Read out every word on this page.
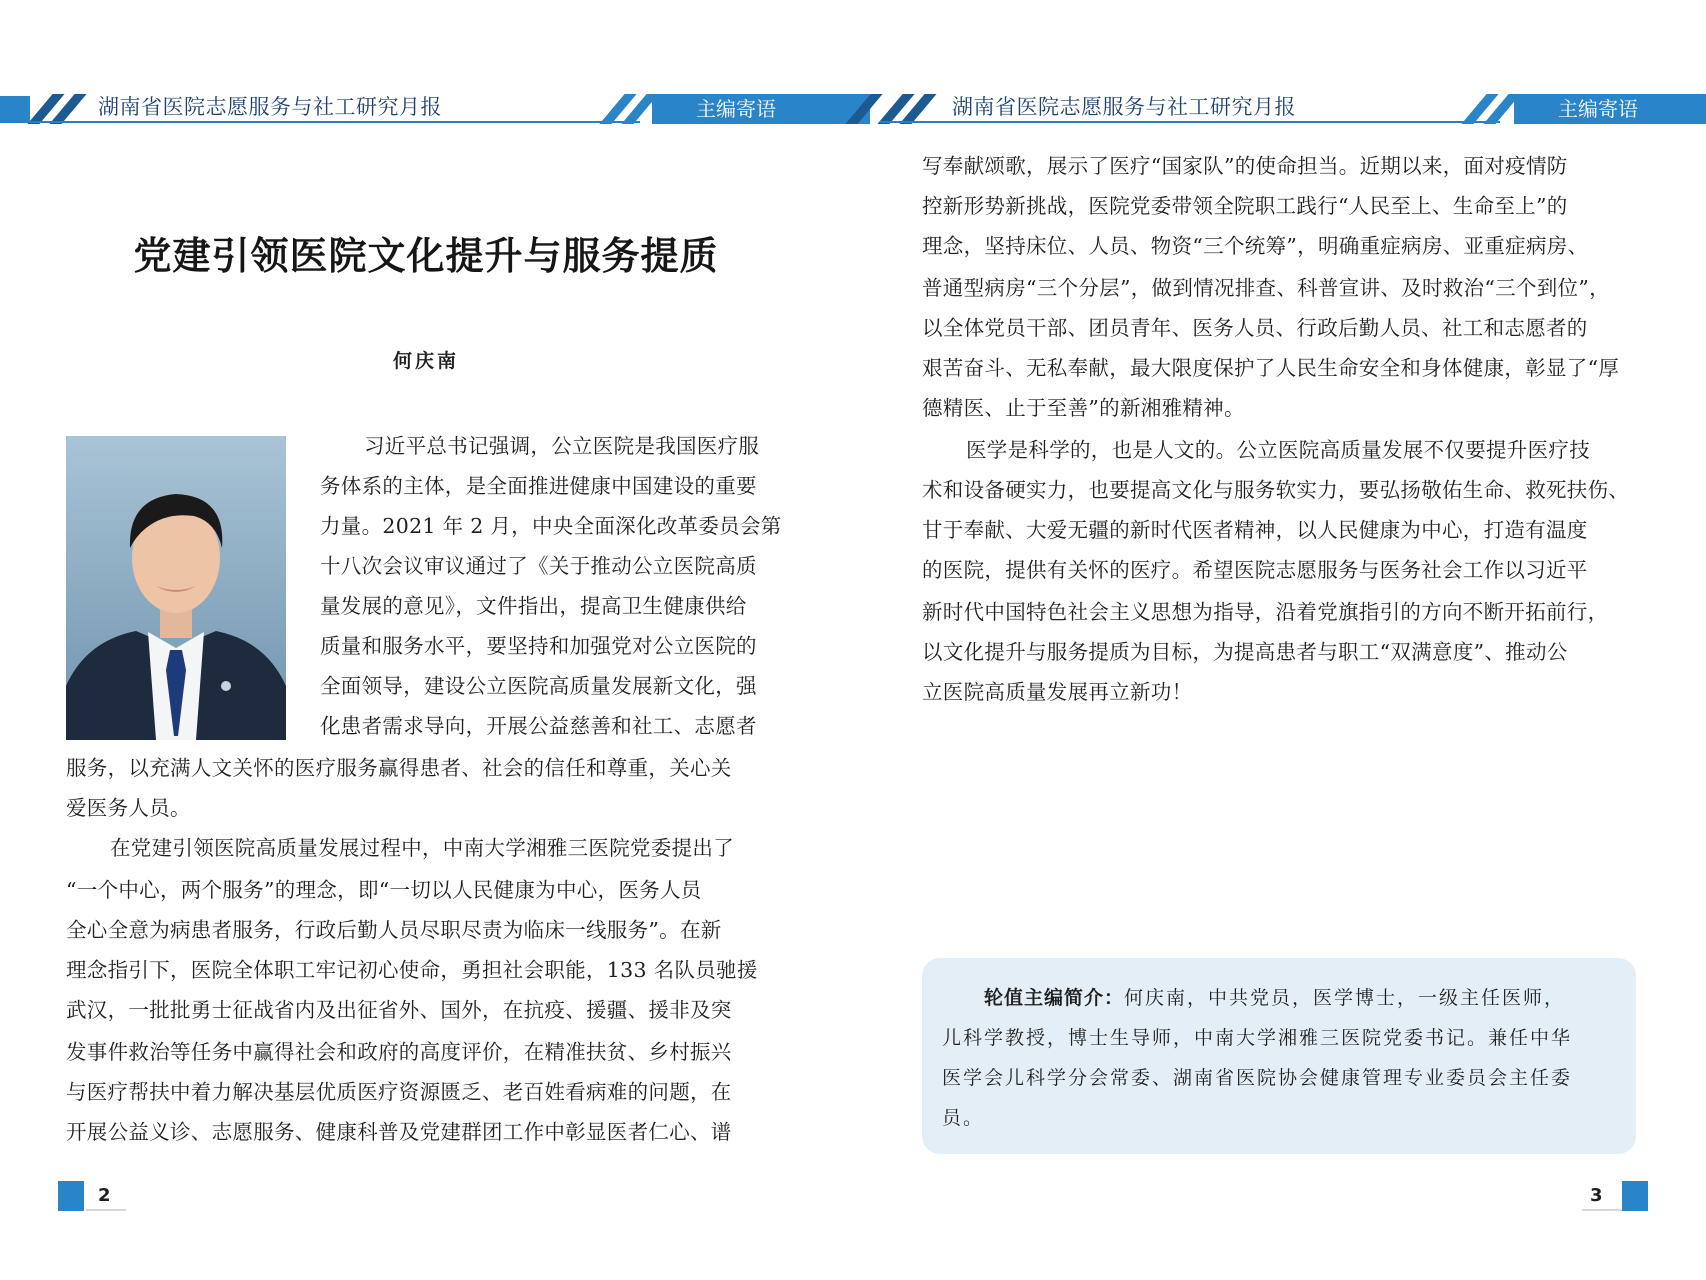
湖南省医院志愿服务与社工研究月报	主编寄语	湖南省医院志愿服务与社工研究月报	主编寄语
党建引领医院文化提升与服务提质
何庆南
习近平总书记强调，公立医院是我国医疗服
务体系的主体，是全面推进健康中国建设的重要
力量。2021 年 2 月，中央全面深化改革委员会第
十八次会议审议通过了《关于推动公立医院高质
量发展的意见》，文件指出，提高卫生健康供给
质量和服务水平，要坚持和加强党对公立医院的
全面领导，建设公立医院高质量发展新文化，强
化患者需求导向，开展公益慈善和社工、志愿者
服务，以充满人文关怀的医疗服务赢得患者、社会的信任和尊重，关心关
爱医务人员。
在党建引领医院高质量发展过程中，中南大学湘雅三医院党委提出了
“一个中心，两个服务”的理念，即“一切以人民健康为中心，医务人员
全心全意为病患者服务，行政后勤人员尽职尽责为临床一线服务”。在新
理念指引下，医院全体职工牢记初心使命，勇担社会职能，133 名队员驰援
武汉，一批批勇士征战省内及出征省外、国外，在抗疫、援疆、援非及突
发事件救治等任务中赢得社会和政府的高度评价，在精准扶贫、乡村振兴
与医疗帮扶中着力解决基层优质医疗资源匮乏、老百姓看病难的问题，在
开展公益义诊、志愿服务、健康科普及党建群团工作中彰显医者仁心、谱
写奉献颂歌，展示了医疗“国家队”的使命担当。近期以来，面对疫情防
控新形势新挑战，医院党委带领全院职工践行“人民至上、生命至上”的
理念，坚持床位、人员、物资“三个统筹”，明确重症病房、亚重症病房、
普通型病房“三个分层”，做到情况排查、科普宣讲、及时救治“三个到位”，
以全体党员干部、团员青年、医务人员、行政后勤人员、社工和志愿者的
艰苦奋斗、无私奉献，最大限度保护了人民生命安全和身体健康，彰显了“厚
德精医、止于至善”的新湘雅精神。
医学是科学的，也是人文的。公立医院高质量发展不仅要提升医疗技
术和设备硬实力，也要提高文化与服务软实力，要弘扬敬佑生命、救死扶伤、
甘于奉献、大爱无疆的新时代医者精神，以人民健康为中心，打造有温度
的医院，提供有关怀的医疗。希望医院志愿服务与医务社会工作以习近平
新时代中国特色社会主义思想为指导，沿着党旗指引的方向不断开拓前行，
以文化提升与服务提质为目标，为提高患者与职工“双满意度”、推动公
立医院高质量发展再立新功！
轮值主编简介：何庆南，中共党员，医学博士，一级主任医师，
儿科学教授，博士生导师，中南大学湘雅三医院党委书记。兼任中华
医学会儿科学分会常委、湖南省医院协会健康管理专业委员会主任委
员。
2	3
